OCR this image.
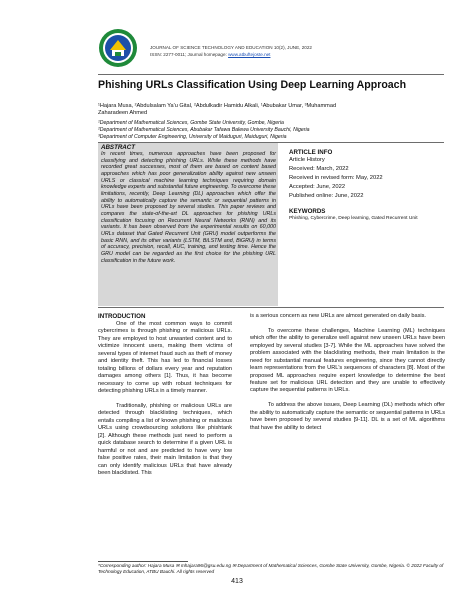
JOURNAL OF SCIENCE TECHNOLOGY AND EDUCATION 10(2), JUNE, 2022
ISSN: 2277-0011; Journal homepage: www.atbuftejoste.net
Phishing URLs Classification Using Deep Learning Approach
¹Hajara Musa, ²Abdulsalam Ya'u Gital, ²Abdulkadir Hamidu Alkali, ¹Abubakar Umar, ³Muhammad
Zaharadeen Ahmed
¹Department of Mathematical Sciences, Gombe State University, Gombe, Nigeria
²Department of Mathematical Sciences, Abubakar Tafawa Balewa University Bauchi, Nigeria
³Department of Computer Engineering, University of Maiduguri, Maiduguri, Nigeria
ABSTRACT
In recent times, numerous approaches have been proposed for classifying and detecting phishing URLs. While these methods have recorded great successes, most of them are based on content based approaches which has poor generalization ability against new unseen URLS or classical machine learning techniques requiring domain knowledge experts and substantial future engineering. To overcome these limitations, recently, Deep Learning (DL) approaches which offer the ability to automatically capture the semantic or sequential patterns in URLs have been proposed by several studies. This paper reviews and compares the state-of-the-art DL approaches for phishing URLs classification focusing on Recurrent Neural Networks (RNN) and its variants. It has been observed from the experimental results on 60,000 URLs dataset that Gated Recurrent Unit (GRU) model outperforms the basic RNN, and its other variants (LSTM, BiLSTM and, BiGRU) in terms of accuracy, precision, recall, AUC, training, and testing time. Hence the GRU model can be regarded as the first choice for the phishing URL classification in the future work.
ARTICLE INFO
Article History
Received: March, 2022
Received in revised form: May, 2022
Accepted: June, 2022
Published online: June, 2022
KEYWORDS
Phishing, Cybercrime, Deep learning, Gated Recurrent Unit
INTRODUCTION

One of the most common ways to commit cybercrimes is through phishing or malicious URLs. They are employed to host unwanted content and to victimize innocent users, making them victims of several types of internet fraud such as theft of money and identity theft. This has led to financial losses totaling billions of dollars every year and reputation damages among others [1]. Thus, it has become necessary to come up with robust techniques for detecting phishing URLs in a timely manner.

Traditionally, phishing or malicious URLs are detected through blacklisting techniques, which entails compiling a list of known phishing or malicious URLs using crowdsourcing solutions like phishtank [2]. Although these methods just need to perform a quick database search to determine if a given URL is harmful or not and are predicted to have very low false positive rates, their main limitation is that they can only identify malicious URLs that have already been blacklisted. This

is a serious concern as new URLs are almost generated on daily basis.

To overcome these challenges, Machine Learning (ML) techniques which offer the ability to generalize well against new unseen URLs have been employed by several studies [3-7]. While the ML approaches have solved the problem associated with the blacklisting methods, their main limitation is the need for substantial manual features engineering, since they cannot directly learn representations from the URL's sequences of characters [8]. Most of the proposed ML approaches require expert knowledge to determine the best feature set for malicious URL detection and they are unable to effectively capture the sequential patterns in URLs.

To address the above issues, Deep Learning (DL) methods which offer the ability to automatically capture the semantic or sequential patterns in URLs have been proposed by several studies [9-11]. DL is a set of ML algorithms that have the ability to detect

*Corresponding author: Hajara Musa ✉ mhajara96@gsu.edu.ng ✉ Department of Mathematical Sciences, Gombe State University, Gombe, Nigeria. © 2022 Faculty of Technology Education, ATBU Bauchi. All rights reserved
413
